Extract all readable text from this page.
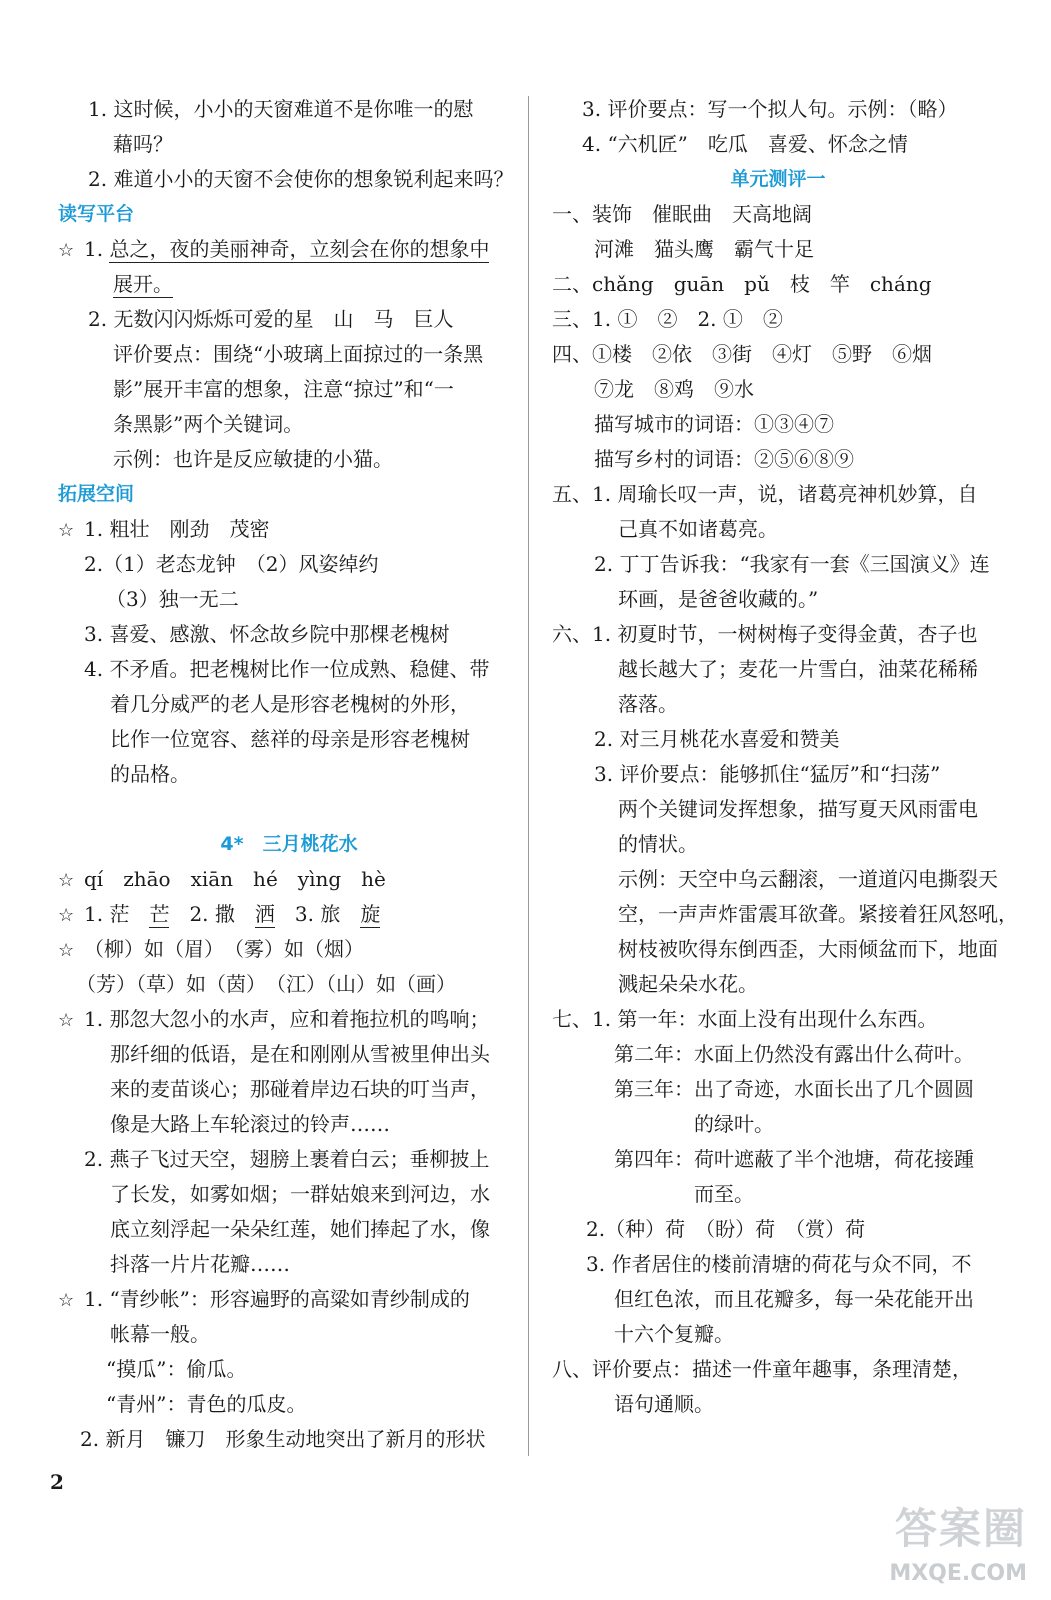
1. 这时候，小小的天窗难道不是你唯一的慰
藉吗？
2. 难道小小的天窗不会使你的想象锐利起来吗？
读写平台
☆ 1. 总之，夜的美丽神奇，立刻会在你的想象中
展开。
2. 无数闪闪烁烁可爱的星　山　马　巨人
评价要点：围绕“小玻璃上面掠过的一条黑
影”展开丰富的想象，注意“掠过”和“一
条黑影”两个关键词。
示例：也许是反应敏捷的小猫。
拓展空间
☆ 1. 粗壮　刚劲　茂密
2.（1）老态龙钟　（2）风姿绰约
（3）独一无二
3. 喜爱、感激、怀念故乡院中那棵老槐树
4. 不矛盾。把老槐树比作一位成熟、稳健、带
着几分威严的老人是形容老槐树的外形，
比作一位宽容、慈祥的母亲是形容老槐树
的品格。
4*　三月桃花水
☆ qí　zhāo　xiān　hé　yìng　hè
☆ 1. 茫　芒　2. 撒　洒　3. 旅　旋
☆ （柳）如（眉）　（雾）如（烟）
（芳）（草）如（茵）　（江）（山）如（画）
☆ 1. 那忽大忽小的水声，应和着拖拉机的鸣响；
那纤细的低语，是在和刚刚从雪被里伸出头
来的麦苗谈心；那碰着岸边石块的叮当声，
像是大路上车轮滚过的铃声……
2. 燕子飞过天空，翅膀上裹着白云；垂柳披上
了长发，如雾如烟；一群姑娘来到河边，水
底立刻浮起一朵朵红莲，她们捧起了水，像
抖落一片片花瓣……
☆ 1. “青纱帐”：形容遍野的高粱如青纱制成的
帐幕一般。
“摸瓜”：偷瓜。
“青州”：青色的瓜皮。
2. 新月　镰刀　形象生动地突出了新月的形状
3. 评价要点：写一个拟人句。示例：（略）
4. “六机匠”　吃瓜　喜爱、怀念之情
单元测评一
一、装饰　催眠曲　天高地阔
河滩　猫头鹰　霸气十足
二、chǎng　guān　pǔ　枝　竿　cháng
三、1. ①　②　2. ①　②
四、①楼　②依　③街　④灯　⑤野　⑥烟
⑦龙　⑧鸡　⑨水
描写城市的词语：①③④⑦
描写乡村的词语：②⑤⑥⑧⑨
五、1. 周瑜长叹一声，说，诸葛亮神机妙算，自
己真不如诸葛亮。
2. 丁丁告诉我：“我家有一套《三国演义》连
环画，是爸爸收藏的。”
六、1. 初夏时节，一树树梅子变得金黄，杏子也
越长越大了；麦花一片雪白，油菜花稀稀
落落。
2. 对三月桃花水喜爱和赞美
3. 评价要点：能够抓住“猛厉”和“扫荡”
两个关键词发挥想象，描写夏天风雨雷电
的情状。
示例：天空中乌云翻滚，一道道闪电撕裂天
空，一声声炸雷震耳欲聋。紧接着狂风怒吼，
树枝被吹得东倒西歪，大雨倾盆而下，地面
溅起朵朵水花。
七、1. 第一年：水面上没有出现什么东西。
第二年：水面上仍然没有露出什么荷叶。
第三年：出了奇迹，水面长出了几个圆圆
的绿叶。
第四年：荷叶遮蔽了半个池塘，荷花接踵
而至。
2.（种）荷　（盼）荷　（赏）荷
3. 作者居住的楼前清塘的荷花与众不同，不
但红色浓，而且花瓣多，每一朵花能开出
十六个复瓣。
八、评价要点：描述一件童年趣事，条理清楚，
语句通顺。
2
答案圈
MXQE.COM
